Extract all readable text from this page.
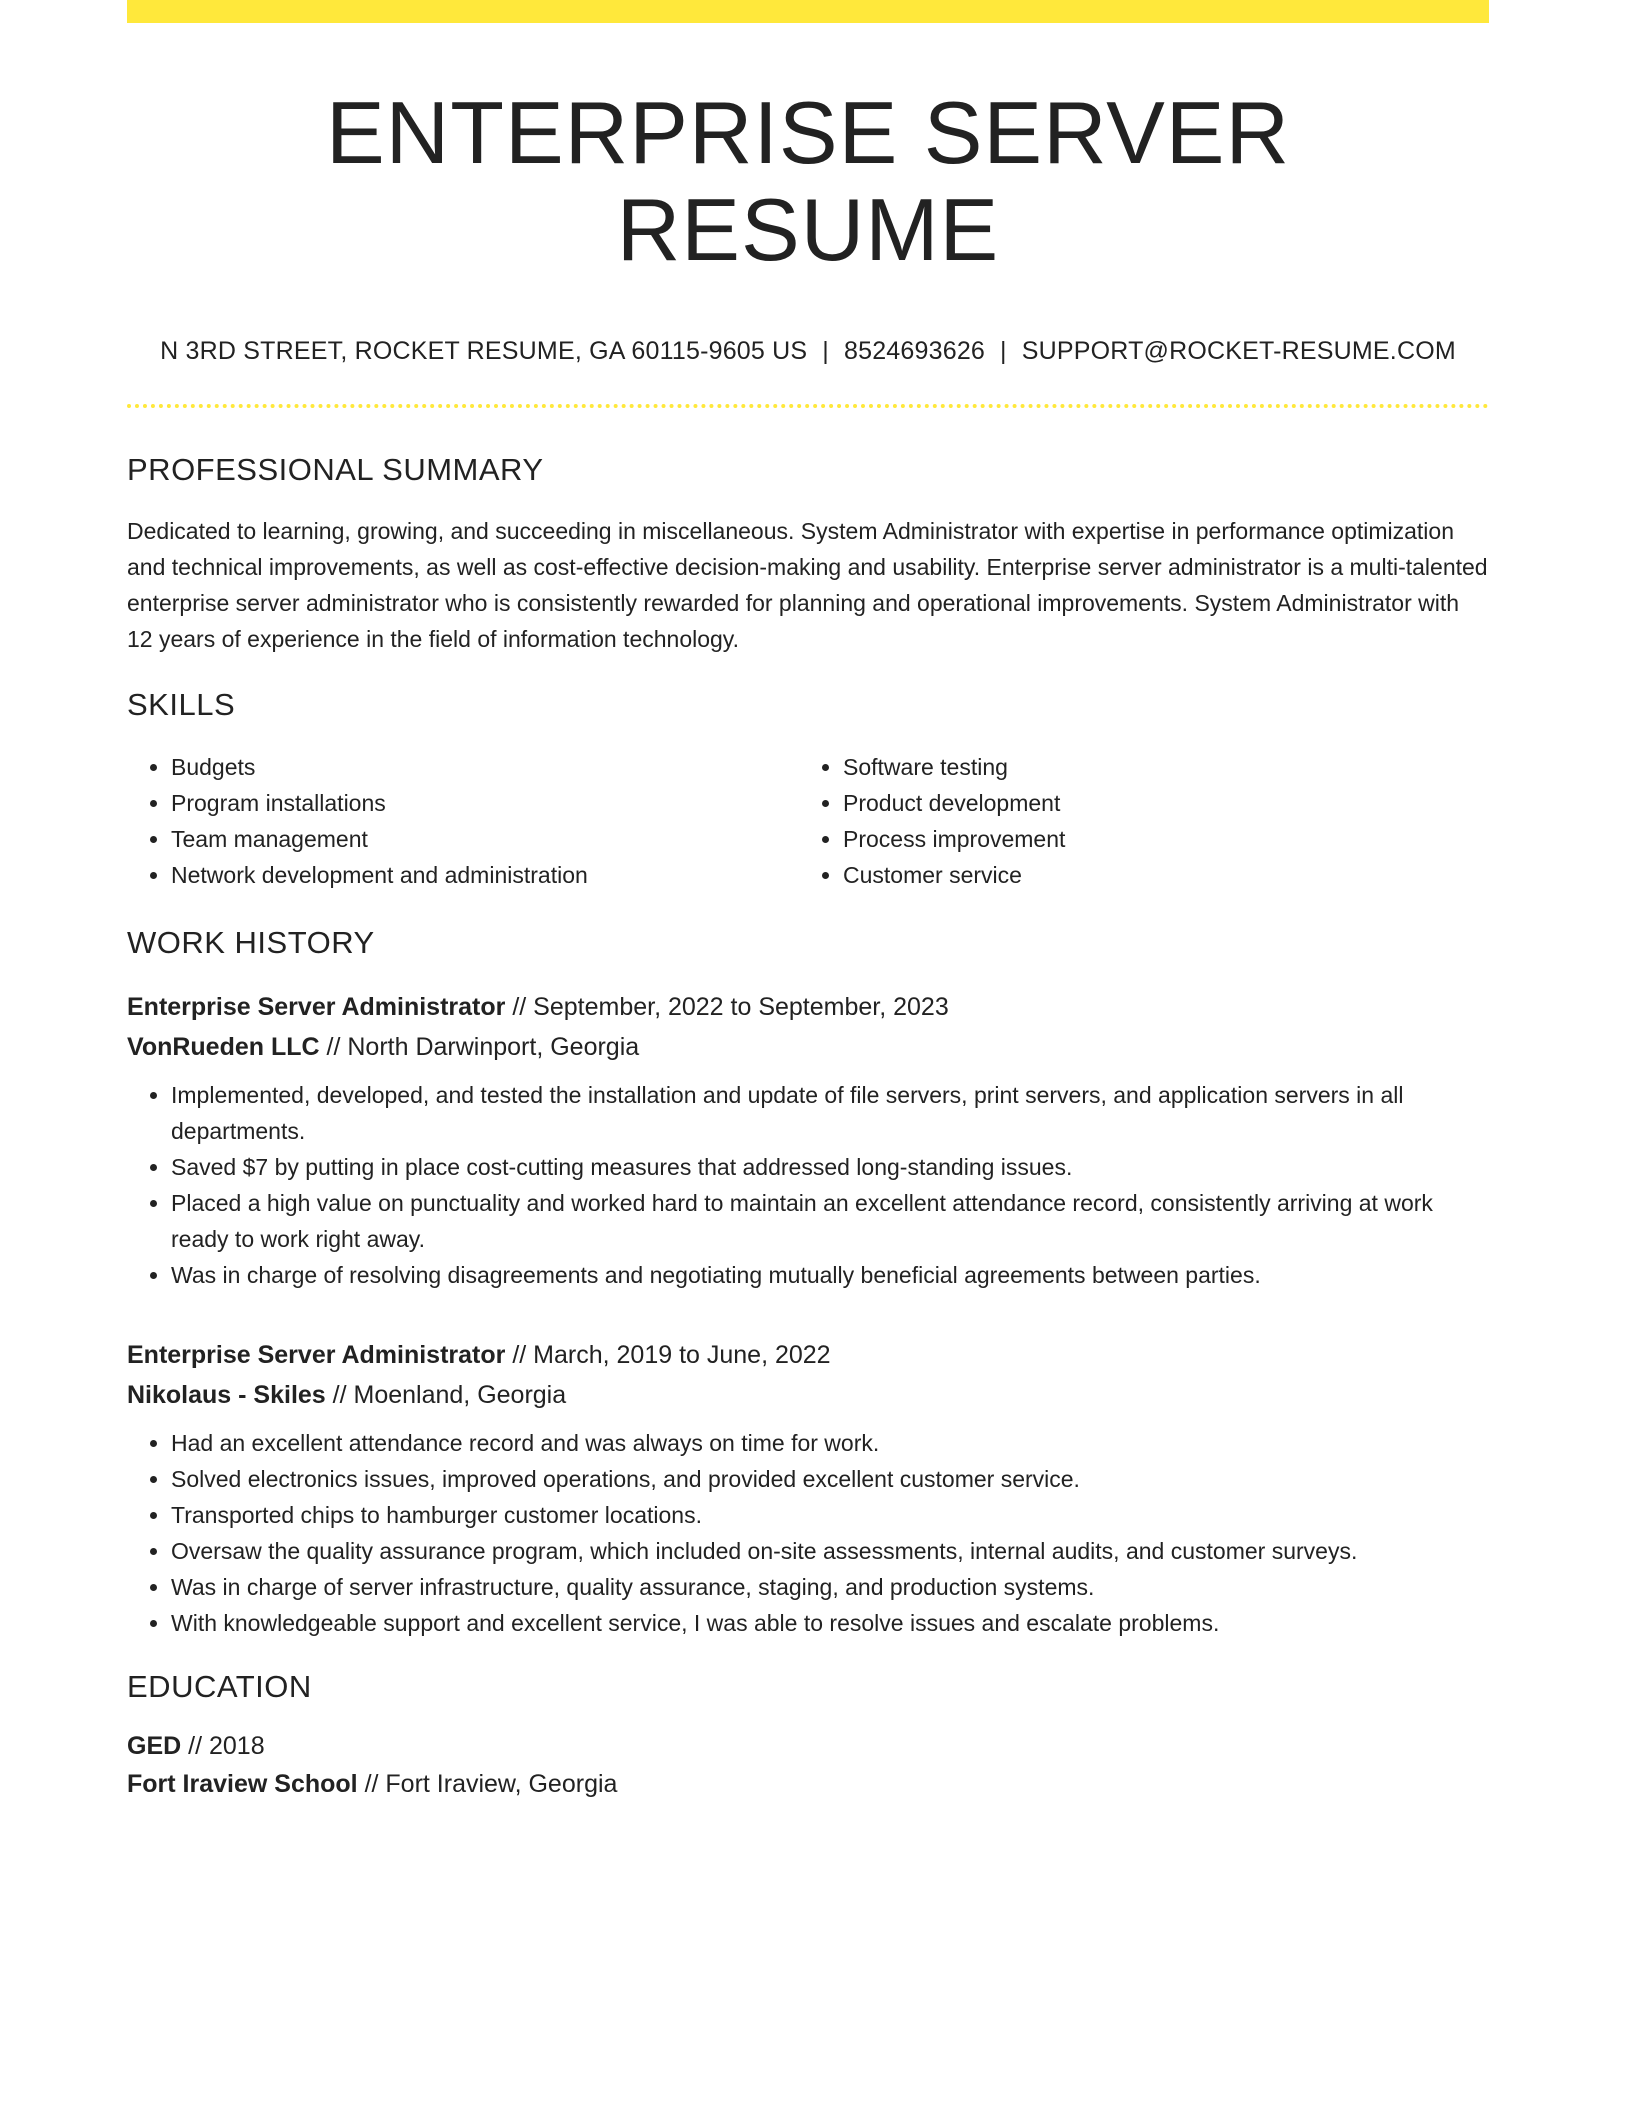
ENTERPRISE SERVER RESUME
N 3RD STREET, ROCKET RESUME, GA 60115-9605 US | 8524693626 | SUPPORT@ROCKET-RESUME.COM
PROFESSIONAL SUMMARY

Dedicated to learning, growing, and succeeding in miscellaneous. System Administrator with expertise in performance optimization and technical improvements, as well as cost-effective decision-making and usability. Enterprise server administrator is a multi-talented enterprise server administrator who is consistently rewarded for planning and operational improvements. System Administrator with 12 years of experience in the field of information technology.

SKILLS
• Budgets
• Program installations
• Team management
• Network development and administration
• Software testing
• Product development
• Process improvement
• Customer service
WORK HISTORY
Enterprise Server Administrator // September, 2022 to September, 2023
VonRueden LLC // North Darwinport, Georgia
• Implemented, developed, and tested the installation and update of file servers, print servers, and application servers in all departments.
• Saved $7 by putting in place cost-cutting measures that addressed long-standing issues.
• Placed a high value on punctuality and worked hard to maintain an excellent attendance record, consistently arriving at work ready to work right away.
• Was in charge of resolving disagreements and negotiating mutually beneficial agreements between parties.
Enterprise Server Administrator // March, 2019 to June, 2022
Nikolaus - Skiles // Moenland, Georgia
• Had an excellent attendance record and was always on time for work.
• Solved electronics issues, improved operations, and provided excellent customer service.
• Transported chips to hamburger customer locations.
• Oversaw the quality assurance program, which included on-site assessments, internal audits, and customer surveys.
• Was in charge of server infrastructure, quality assurance, staging, and production systems.
• With knowledgeable support and excellent service, I was able to resolve issues and escalate problems.
EDUCATION
GED // 2018
Fort Iraview School // Fort Iraview, Georgia
